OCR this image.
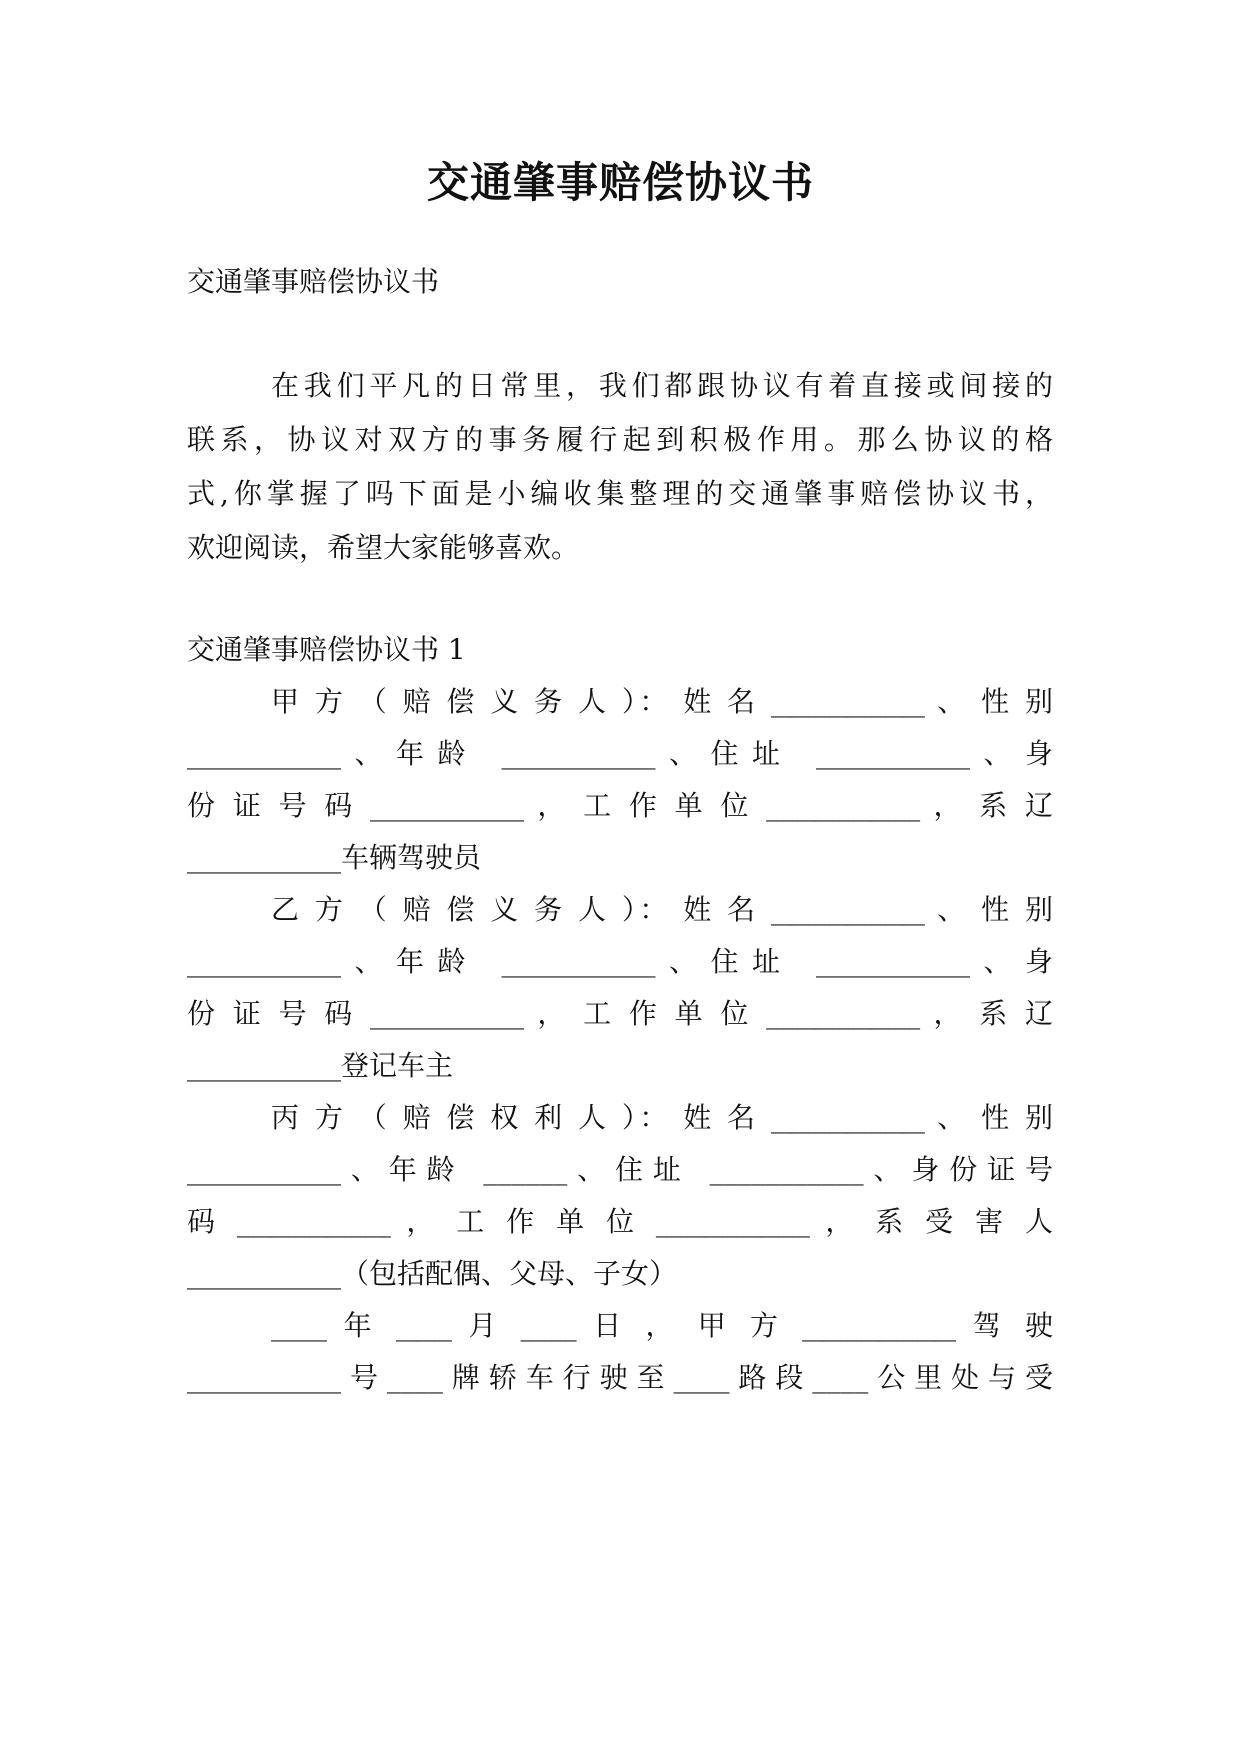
交通肇事赔偿协议书
交通肇事赔偿协议书
在我们平凡的日常里，我们都跟协议有着直接或间接的
联系，协议对双方的事务履行起到积极作用。那么协议的格
式,你掌握了吗下面是小编收集整理的交通肇事赔偿协议书，
欢迎阅读，希望大家能够喜欢。
交通肇事赔偿协议书 1
甲 方 （ 赔 偿 义 务 人 ）： 姓 名 ___________ 、 性 别
___________、年龄 ___________、住址 ___________、身
份 证 号 码 ___________ ， 工 作 单 位 ___________ ， 系 辽
___________车辆驾驶员
乙 方 （ 赔 偿 义 务 人 ）： 姓 名 ___________ 、 性 别
___________、年龄 ___________、住址 ___________、身
份 证 号 码 ___________ ， 工 作 单 位 ___________ ， 系 辽
___________登记车主
丙 方 （ 赔 偿 权 利 人 ）： 姓 名 ___________ 、 性 别
___________、年龄 ______、住址 ___________、身份证号
码 ___________ ， 工 作 单 位 ___________ ， 系 受 害 人
___________（包括配偶、父母、子女）
____ 年 ____ 月 ____ 日 ， 甲 方 ___________ 驾 驶
___________号____牌轿车行驶至____路段____公里处与受
